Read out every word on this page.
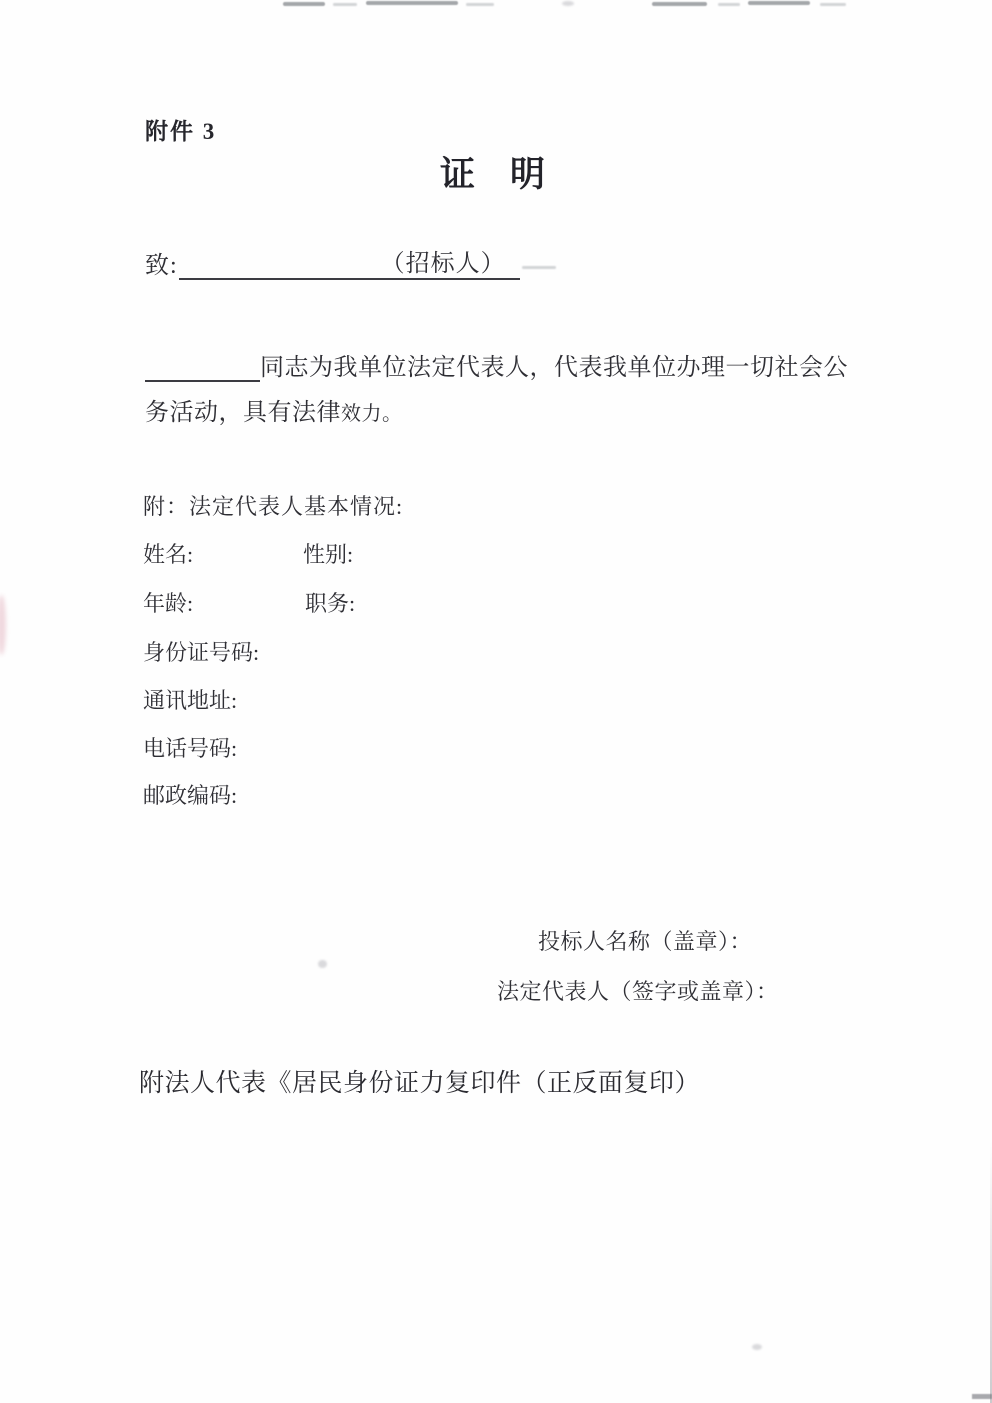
附件 3
证　明
致:	（招标人）
同志为我单位法定代表人，代表我单位办理一切社会公
务活动，具有法律效力。
附：法定代表人基本情况:
姓名:	性别:
年龄:	职务:
身份证号码:
通讯地址:
电话号码:
邮政编码:
投标人名称（盖章）：
法定代表人（签字或盖章）：
附法人代表《居民身份证力复印件（正反面复印）
